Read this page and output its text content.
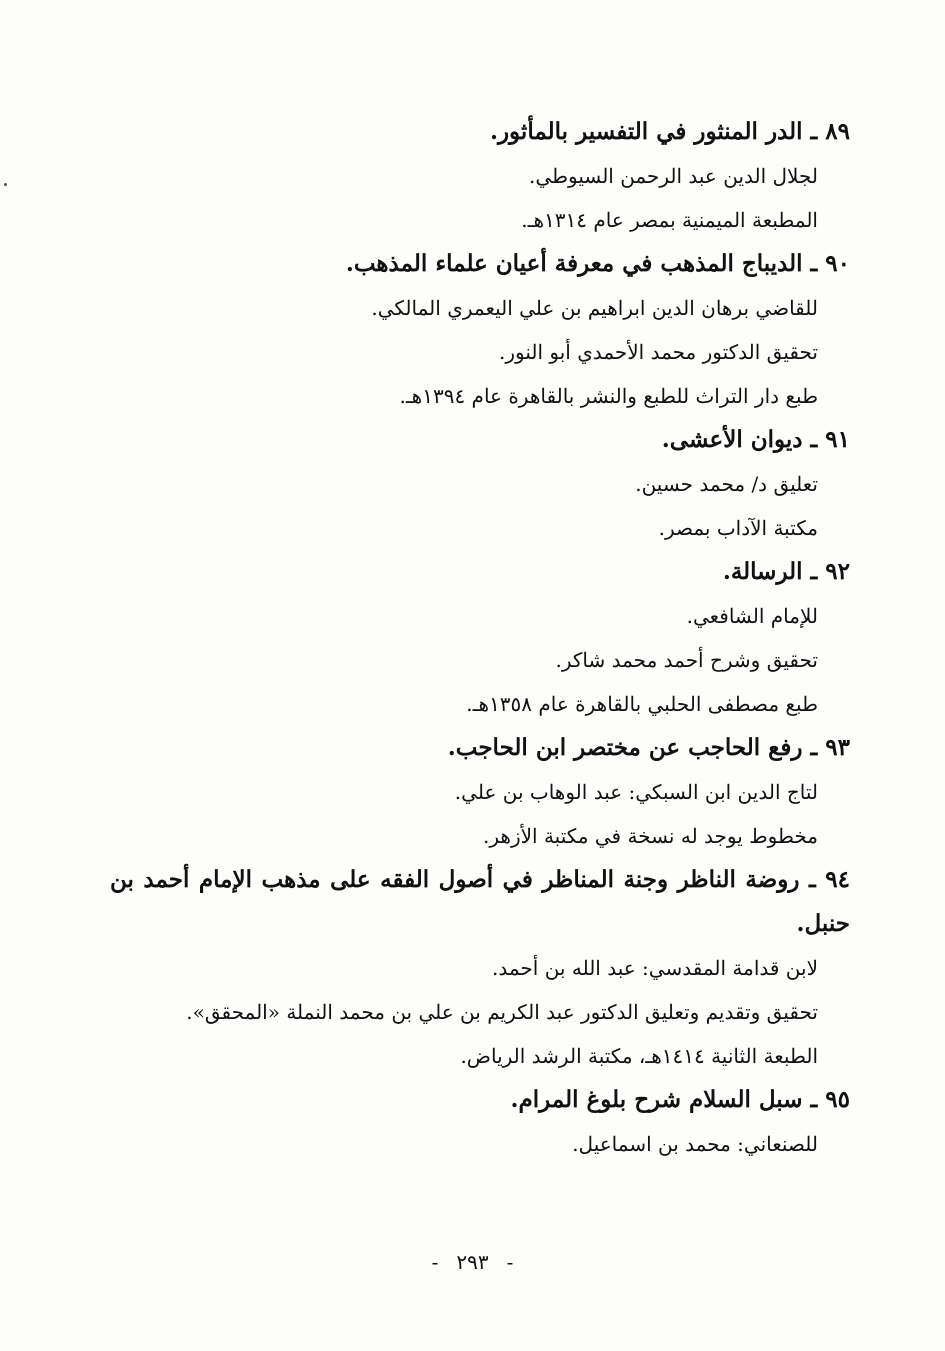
٨٩ ـ الدر المنثور في التفسير بالمأثور.

لجلال الدين عبد الرحمن السيوطي.

المطبعة الميمنية بمصر عام ١٣١٤هـ.

٩٠ ـ الديباج المذهب في معرفة أعيان علماء المذهب.

للقاضي برهان الدين ابراهيم بن علي اليعمري المالكي.

تحقيق الدكتور محمد الأحمدي أبو النور.

طبع دار التراث للطبع والنشر بالقاهرة عام ١٣٩٤هـ.

٩١ ـ ديوان الأعشى.

تعليق د/ محمد حسين.

مكتبة الآداب بمصر.

٩٢ ـ الرسالة.

للإمام الشافعي.

تحقيق وشرح أحمد محمد شاكر.

طبع مصطفى الحلبي بالقاهرة عام ١٣٥٨هـ.

٩٣ ـ رفع الحاجب عن مختصر ابن الحاجب.

لتاج الدين ابن السبكي: عبد الوهاب بن علي.

مخطوط يوجد له نسخة في مكتبة الأزهر.

٩٤ ـ روضة الناظر وجنة المناظر في أصول الفقه على مذهب الإمام أحمد بن حنبل.

لابن قدامة المقدسي: عبد الله بن أحمد.

تحقيق وتقديم وتعليق الدكتور عبد الكريم بن علي بن محمد النملة «المحقق».

الطبعة الثانية ١٤١٤هـ، مكتبة الرشد الرياض.

٩٥ ـ سبل السلام شرح بلوغ المرام.

للصنعاني: محمد بن اسماعيل.

-٢٩٣-
